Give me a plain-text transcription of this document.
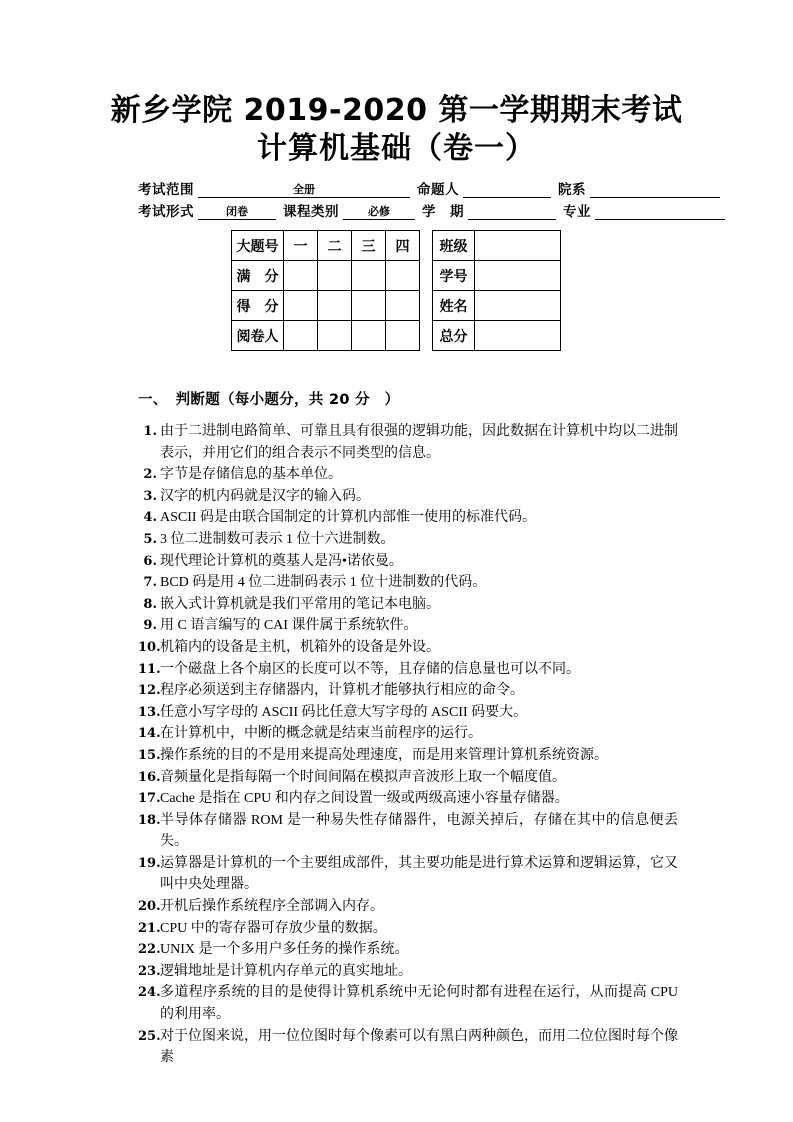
新乡学院 2019-2020 第一学期期末考试
计算机基础（卷一）
考试范围	全册	命题人	院系
考试形式	闭卷	课程类别	必修	学　期	专业
大题号	一	二	三	四
满　分				
得　分				
阅卷人				
班级	
学号	
姓名	
总分	
一、 判断题（每小题分，共 20 分　）
1. 由于二进制电路简单、可靠且具有很强的逻辑功能，因此数据在计算机中均以二进制表示，并用它们的组合表示不同类型的信息。
2. 字节是存储信息的基本单位。
3. 汉字的机内码就是汉字的输入码。
4. ASCII 码是由联合国制定的计算机内部惟一使用的标准代码。
5. 3 位二进制数可表示 1 位十六进制数。
6. 现代理论计算机的奠基人是冯•诺依曼。
7. BCD 码是用 4 位二进制码表示 1 位十进制数的代码。
8. 嵌入式计算机就是我们平常用的笔记本电脑。
9. 用 C 语言编写的 CAI 课件属于系统软件。
10. 机箱内的设备是主机，机箱外的设备是外设。
11. 一个磁盘上各个扇区的长度可以不等，且存储的信息量也可以不同。
12. 程序必须送到主存储器内，计算机才能够执行相应的命令。
13. 任意小写字母的 ASCII 码比任意大写字母的 ASCII 码要大。
14. 在计算机中，中断的概念就是结束当前程序的运行。
15. 操作系统的目的不是用来提高处理速度，而是用来管理计算机系统资源。
16. 音频量化是指每隔一个时间间隔在模拟声音波形上取一个幅度值。
17. Cache 是指在 CPU 和内存之间设置一级或两级高速小容量存储器。
18. 半导体存储器 ROM 是一种易失性存储器件，电源关掉后，存储在其中的信息便丢失。
19. 运算器是计算机的一个主要组成部件，其主要功能是进行算术运算和逻辑运算，它又叫中央处理器。
20. 开机后操作系统程序全部调入内存。
21. CPU 中的寄存器可存放少量的数据。
22. UNIX 是一个多用户多任务的操作系统。
23. 逻辑地址是计算机内存单元的真实地址。
24. 多道程序系统的目的是使得计算机系统中无论何时都有进程在运行，从而提高 CPU 的利用率。
25. 对于位图来说，用一位位图时每个像素可以有黑白两种颜色，而用二位位图时每个像素
